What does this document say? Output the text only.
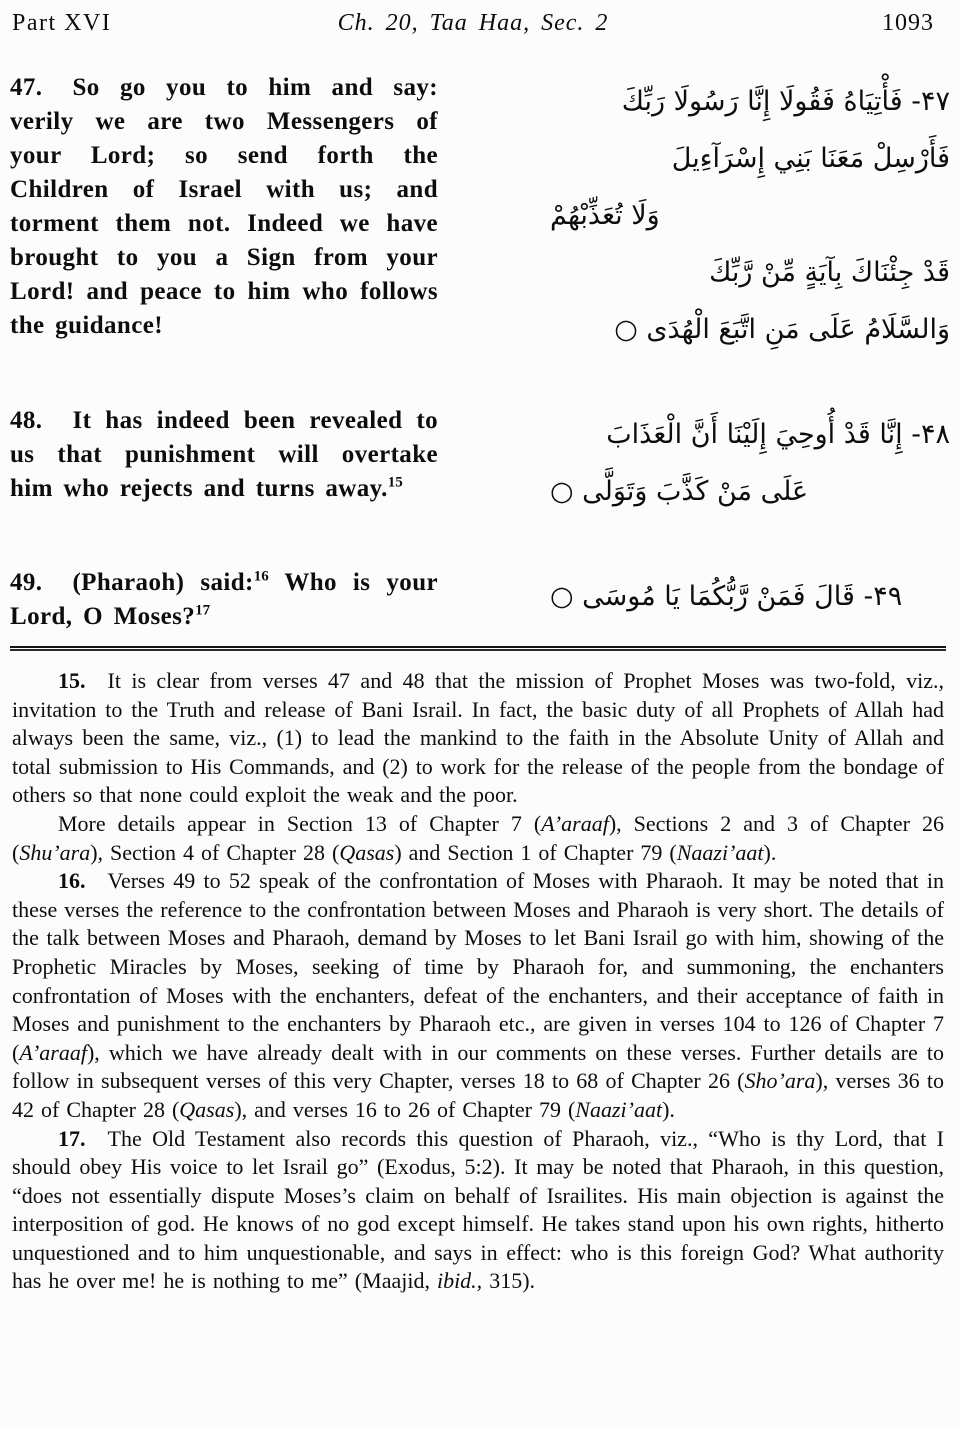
Part XVI	Ch. 20, Taa Haa, Sec. 2	1093

47. So go you to him and say: verily we are two Messengers of your Lord; so send forth the Children of Israel with us; and torment them not. Indeed we have brought to you a Sign from your Lord! and peace to him who follows the guidance!

۴۷- فَأْتِيَاهُ فَقُولَا إِنَّا رَسُولَا رَبِّكَ
فَأَرْسِلْ مَعَنَا بَنِي إِسْرَآءِيلَ
وَلَا تُعَذِّبْهُمْ
قَدْ جِئْنَاكَ بِآيَةٍ مِّنْ رَّبِّكَ
وَالسَّلَامُ عَلَى مَنِ اتَّبَعَ الْهُدَى ○

48. It has indeed been revealed to us that punishment will overtake him who rejects and turns away.$^{15}$

۴۸- إِنَّا قَدْ أُوحِيَ إِلَيْنَا أَنَّ الْعَذَابَ
عَلَى مَنْ كَذَّبَ وَتَوَلَّى ○

49. (Pharaoh) said:$^{16}$ Who is your Lord, O Moses?$^{17}$	۴۹- قَالَ فَمَنْ رَّبُّكُمَا يَا مُوسَى ○

15.  It is clear from verses 47 and 48 that the mission of Prophet Moses was two-fold, viz., invitation to the Truth and release of Bani Israil. In fact, the basic duty of all Prophets of Allah had always been the same, viz., (1) to lead the mankind to the faith in the Absolute Unity of Allah and total submission to His Commands, and (2) to work for the release of the people from the bondage of others so that none could exploit the weak and the poor.

More details appear in Section 13 of Chapter 7 (A’araaf), Sections 2 and 3 of Chapter 26 (Shu’ara), Section 4 of Chapter 28 (Qasas) and Section 1 of Chapter 79 (Naazi’aat).

16.  Verses 49 to 52 speak of the confrontation of Moses with Pharaoh. It may be noted that in these verses the reference to the confrontation between Moses and Pharaoh is very short. The details of the talk between Moses and Pharaoh, demand by Moses to let Bani Israil go with him, showing of the Prophetic Miracles by Moses, seeking of time by Pharaoh for, and summoning, the enchanters confrontation of Moses with the enchanters, defeat of the enchanters, and their acceptance of faith in Moses and punishment to the enchanters by Pharaoh etc., are given in verses 104 to 126 of Chapter 7 (A’araaf), which we have already dealt with in our comments on these verses. Further details are to follow in subsequent verses of this very Chapter, verses 18 to 68 of Chapter 26 (Sho’ara), verses 36 to 42 of Chapter 28 (Qasas), and verses 16 to 26 of Chapter 79 (Naazi’aat).

17.  The Old Testament also records this question of Pharaoh, viz., “Who is thy Lord, that I should obey His voice to let Israil go” (Exodus, 5:2). It may be noted that Pharaoh, in this question, “does not essentially dispute Moses’s claim on behalf of Israilites. His main objection is against the interposition of god. He knows of no god except himself. He takes stand upon his own rights, hitherto unquestioned and to him unquestionable, and says in effect: who is this foreign God? What authority has he over me! he is nothing to me” (Maajid, ibid., 315).
